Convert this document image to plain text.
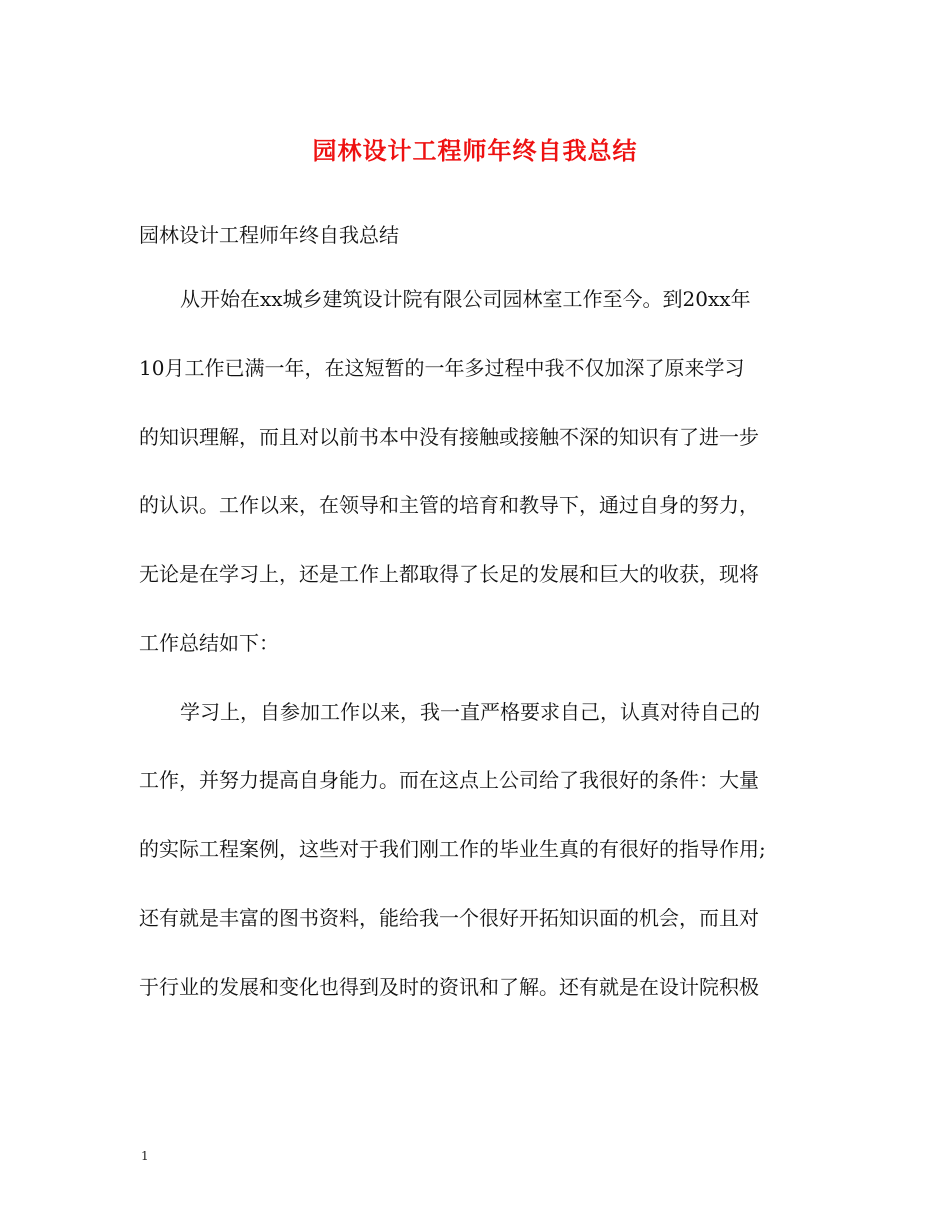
园林设计工程师年终自我总结
园林设计工程师年终自我总结
从开始在xx城乡建筑设计院有限公司园林室工作至今。到20xx年
10月工作已满一年，在这短暂的一年多过程中我不仅加深了原来学习
的知识理解，而且对以前书本中没有接触或接触不深的知识有了进一步
的认识。工作以来，在领导和主管的培育和教导下，通过自身的努力，
无论是在学习上，还是工作上都取得了长足的发展和巨大的收获，现将
工作总结如下：
学习上，自参加工作以来，我一直严格要求自己，认真对待自己的
工作，并努力提高自身能力。而在这点上公司给了我很好的条件：大量
的实际工程案例，这些对于我们刚工作的毕业生真的有很好的指导作用;
还有就是丰富的图书资料，能给我一个很好开拓知识面的机会，而且对
于行业的发展和变化也得到及时的资讯和了解。还有就是在设计院积极
1
